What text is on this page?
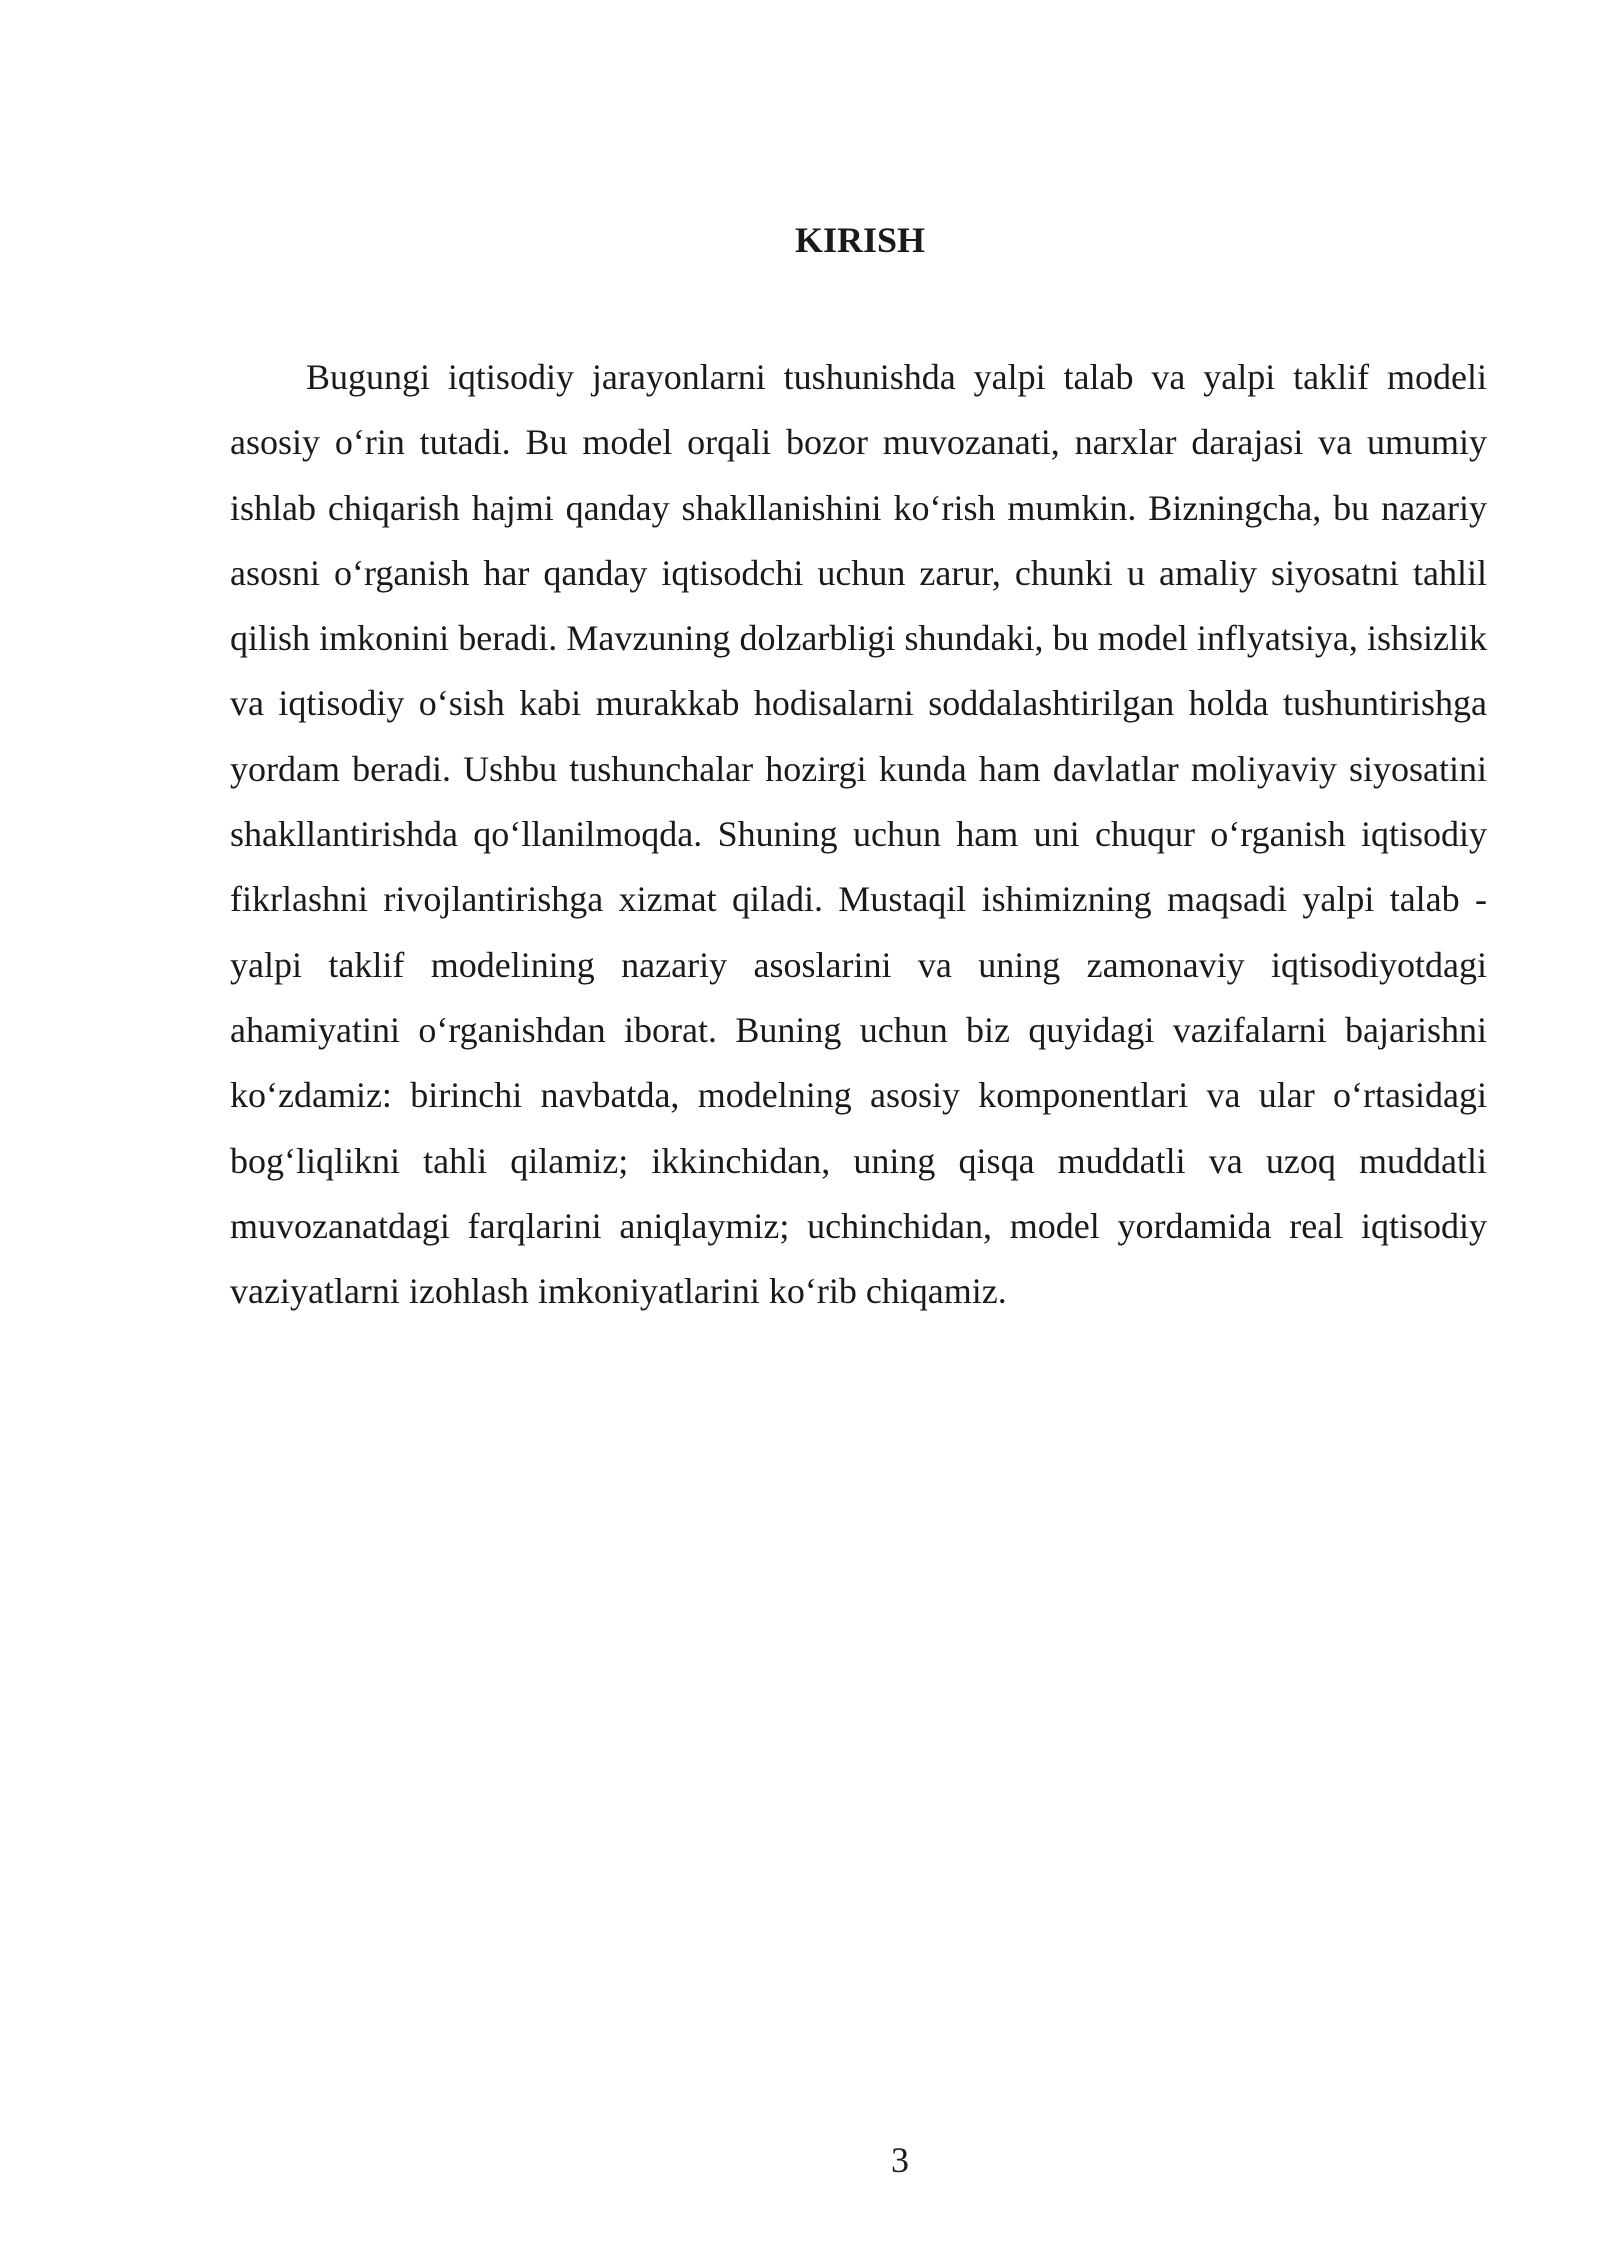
KIRISH

Bugungi iqtisodiy jarayonlarni tushunishda yalpi talab va yalpi taklif modeli asosiy o‘rin tutadi. Bu model orqali bozor muvozanati, narxlar darajasi va umumiy ishlab chiqarish hajmi qanday shakllanishini ko‘rish mumkin. Bizningcha, bu nazariy asosni o‘rganish har qanday iqtisodchi uchun zarur, chunki u amaliy siyosatni tahlil qilish imkonini beradi. Mavzuning dolzarbligi shundaki, bu model inflyatsiya, ishsizlik va iqtisodiy o‘sish kabi murakkab hodisalarni soddalashtirilgan holda tushuntirishga yordam beradi. Ushbu tushunchalar hozirgi kunda ham davlatlar moliyaviy siyosatini shakllantirishda qo‘llanilmoqda. Shuning uchun ham uni chuqur o‘rganish iqtisodiy fikrlashni rivojlantirishga xizmat qiladi. Mustaqil ishimizning maqsadi yalpi talab - yalpi taklif modelining nazariy asoslarini va uning zamonaviy iqtisodiyotdagi ahamiyatini o‘rganishdan iborat. Buning uchun biz quyidagi vazifalarni bajarishni ko‘zdamiz: birinchi navbatda, modelning asosiy komponentlari va ular o‘rtasidagi bog‘liqlikni tahli qilamiz; ikkinchidan, uning qisqa muddatli va uzoq muddatli muvozanatdagi farqlarini aniqlaymiz; uchinchidan, model yordamida real iqtisodiy vaziyatlarni izohlash imkoniyatlarini ko‘rib chiqamiz.

3
